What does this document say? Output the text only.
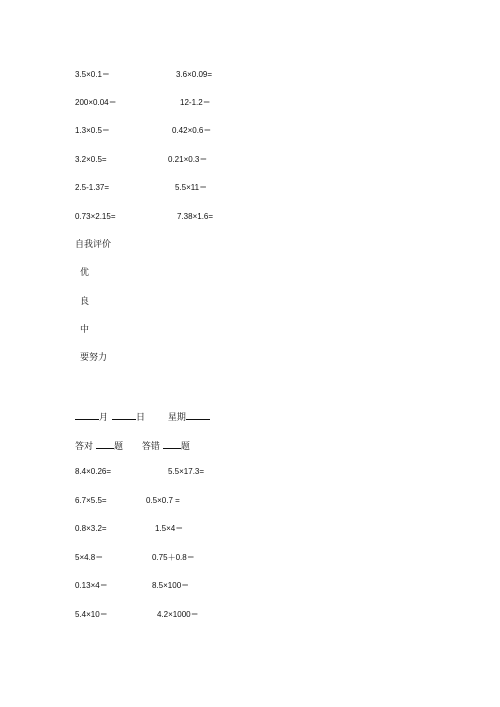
3.5×0.1＝	3.6×0.09=
200×0.04＝	12-1.2＝
1.3×0.5＝	0.42×0.6＝
3.2×0.5=	0.21×0.3＝
2.5-1.37=	5.5×11＝
0.73×2.15=	7.38×1.6=
自我评价
优
良
中
要努力
月	日	星期
答对 题 答错 题
8.4×0.26=	5.5×17.3=
6.7×5.5=	0.5×0.7 =
0.8×3.2=	1.5×4＝
5×4.8＝	0.75＋0.8＝
0.13×4＝	8.5×100＝
5.4×10＝	4.2×1000＝
